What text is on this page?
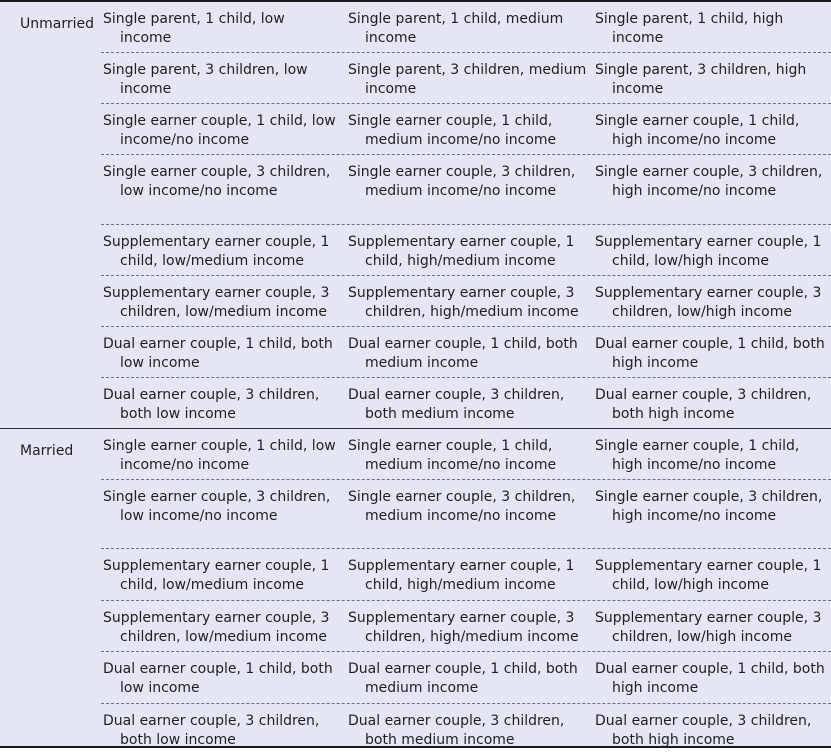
Unmarried Single parent, 1 child, low income
Single parent, 1 child, medium income
Single parent, 1 child, high income
Single parent, 3 children, low income
Single parent, 3 children, medium income
Single parent, 3 children, high income
Single earner couple, 1 child, low income/no income
Single earner couple, 1 child, medium income/no income
Single earner couple, 1 child, high income/no income
Single earner couple, 3 children, low income/no income
Single earner couple, 3 children, medium income/no income
Single earner couple, 3 children, high income/no income
Supplementary earner couple, 1 child, low/medium income
Supplementary earner couple, 1 child, high/medium income
Supplementary earner couple, 1 child, low/high income
Supplementary earner couple, 3 children, low/medium income
Supplementary earner couple, 3 children, high/medium income
Supplementary earner couple, 3 children, low/high income
Dual earner couple, 1 child, both low income
Dual earner couple, 1 child, both medium income
Dual earner couple, 1 child, both high income
Dual earner couple, 3 children, both low income
Dual earner couple, 3 children, both medium income
Dual earner couple, 3 children, both high income
Married	Single earner couple, 1 child, low income/no income
Single earner couple, 1 child, medium income/no income
Single earner couple, 1 child, high income/no income
Single earner couple, 3 children, low income/no income
Single earner couple, 3 children, medium income/no income
Single earner couple, 3 children, high income/no income
Supplementary earner couple, 1 child, low/medium income
Supplementary earner couple, 1 child, high/medium income
Supplementary earner couple, 1 child, low/high income
Supplementary earner couple, 3 children, low/medium income
Supplementary earner couple, 3 children, high/medium income
Supplementary earner couple, 3 children, low/high income
Dual earner couple, 1 child, both low income
Dual earner couple, 1 child, both medium income
Dual earner couple, 1 child, both high income
Dual earner couple, 3 children, both low income
Dual earner couple, 3 children, both medium income
Dual earner couple, 3 children, both high income
